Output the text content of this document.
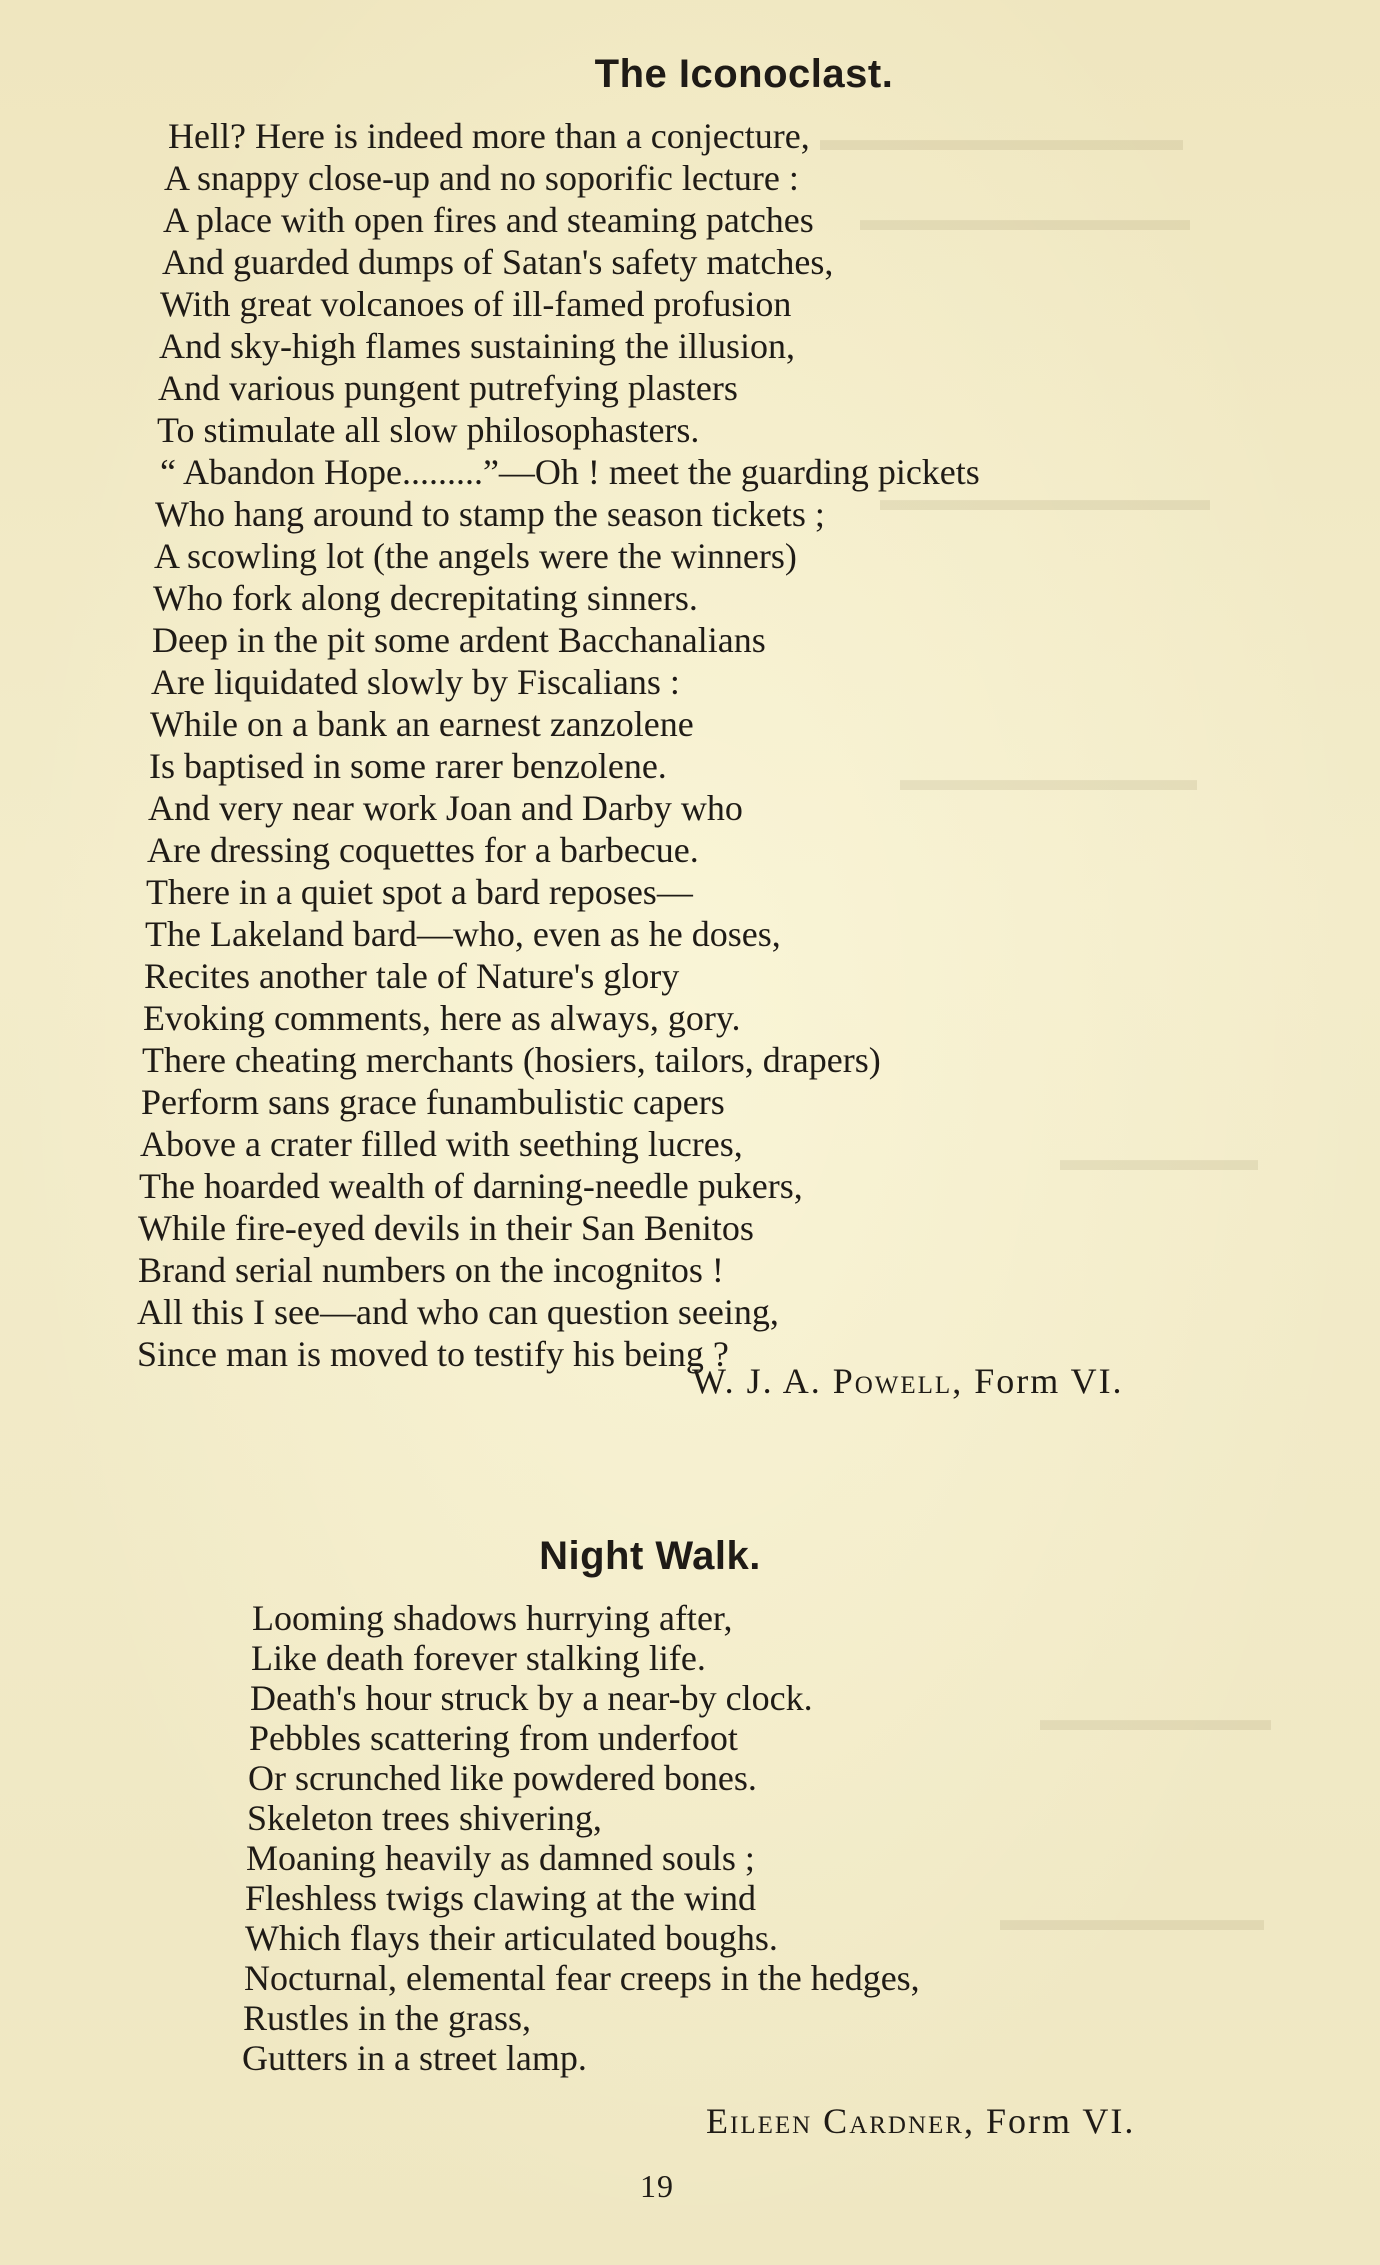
▬▬▬▬▬▬▬▬▬▬▬
▬▬▬▬▬▬▬▬▬▬
▬▬▬▬▬▬▬▬▬▬
▬▬▬▬▬▬▬▬▬
▬▬▬▬▬▬
▬▬▬▬▬▬▬
▬▬▬▬▬▬▬▬
The Iconoclast.
Hell? Here is indeed more than a conjecture,
A snappy close-up and no soporific lecture :
A place with open fires and steaming patches
And guarded dumps of Satan's safety matches,
With great volcanoes of ill-famed profusion
And sky-high flames sustaining the illusion,
And various pungent putrefying plasters
To stimulate all slow philosophasters.
“ Abandon Hope.........”—Oh ! meet the guarding pickets
Who hang around to stamp the season tickets ;
A scowling lot (the angels were the winners)
Who fork along decrepitating sinners.
Deep in the pit some ardent Bacchanalians
Are liquidated slowly by Fiscalians :
While on a bank an earnest zanzolene
Is baptised in some rarer benzolene.
And very near work Joan and Darby who
Are dressing coquettes for a barbecue.
There in a quiet spot a bard reposes—
The Lakeland bard—who, even as he doses,
Recites another tale of Nature's glory
Evoking comments, here as always, gory.
There cheating merchants (hosiers, tailors, drapers)
Perform sans grace funambulistic capers
Above a crater filled with seething lucres,
The hoarded wealth of darning-needle pukers,
While fire-eyed devils in their San Benitos
Brand serial numbers on the incognitos !
All this I see—and who can question seeing,
Since man is moved to testify his being ?
W. J. A. Powell, Form VI.
Night Walk.
Looming shadows hurrying after,
Like death forever stalking life.
Death's hour struck by a near-by clock.
Pebbles scattering from underfoot
Or scrunched like powdered bones.
Skeleton trees shivering,
Moaning heavily as damned souls ;
Fleshless twigs clawing at the wind
Which flays their articulated boughs.
Nocturnal, elemental fear creeps in the hedges,
Rustles in the grass,
Gutters in a street lamp.
Eileen Cardner, Form VI.
19
